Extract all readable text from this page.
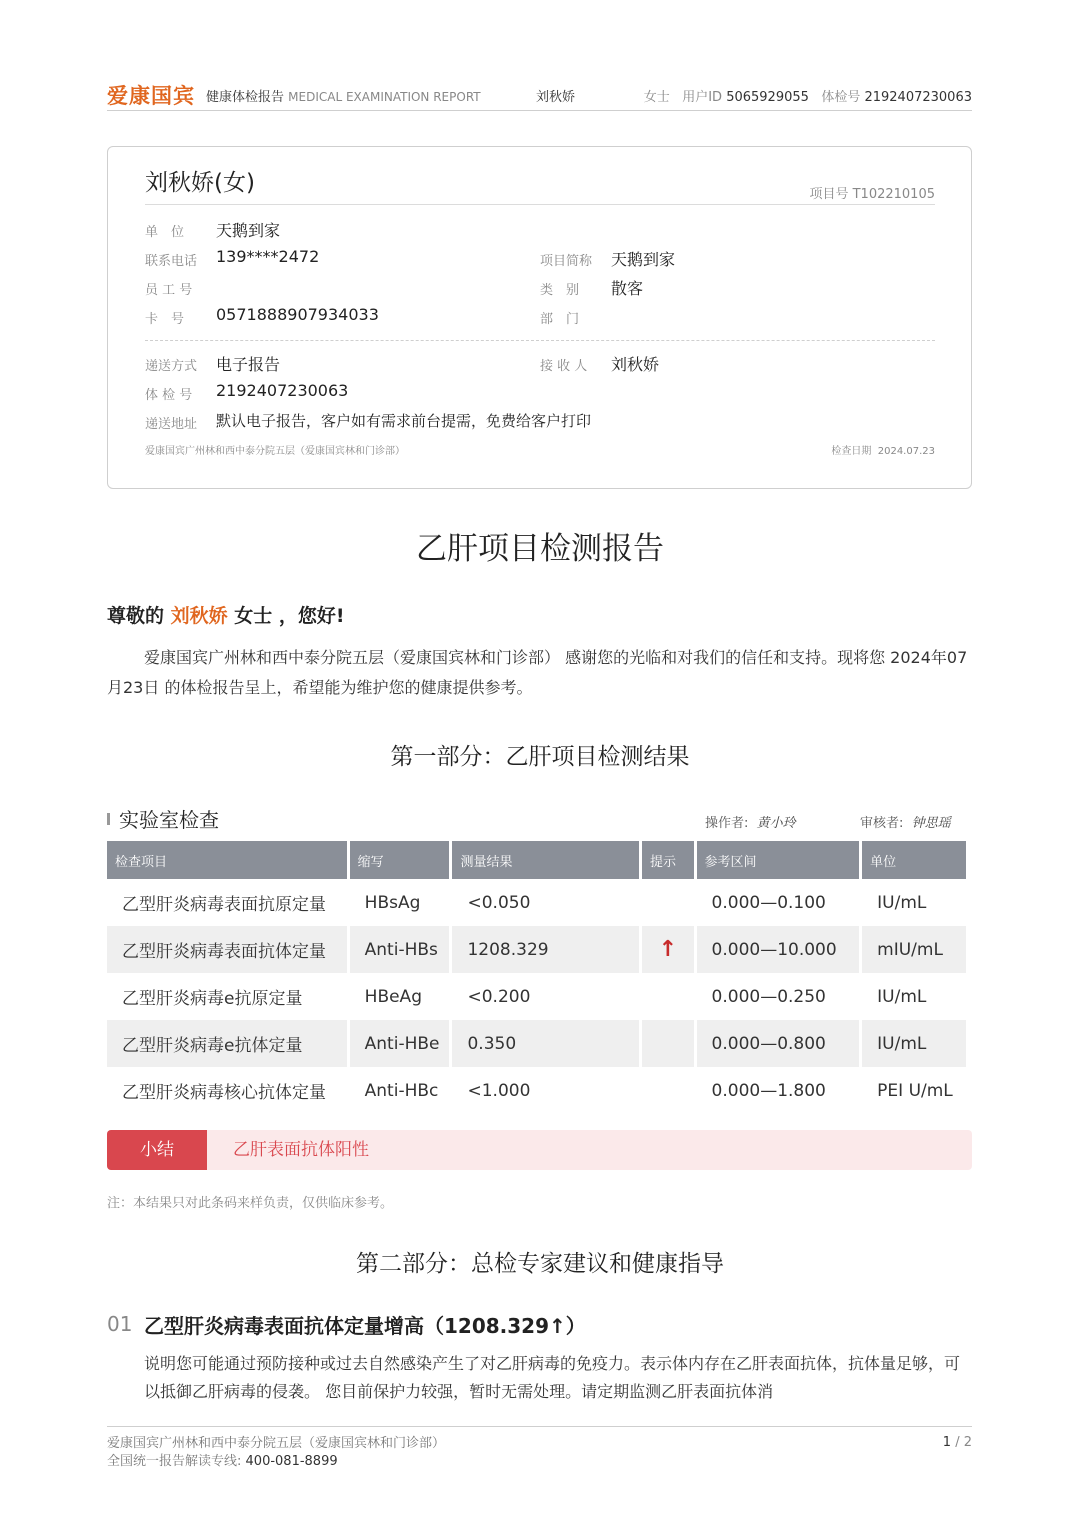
爱康国宾 健康体检报告 MEDICAL EXAMINATION REPORT	刘秋娇	女士 用户ID 5065929055 体检号 2192407230063
刘秋娇(女)	项目号 T102210105
单　位 天鹅到家
联系电话 139****2472	项目简称 天鹅到家
员 工 号	类　别 散客
卡　号 0571888907934033	部　门
递送方式 电子报告	接 收 人 刘秋娇
体 检 号 2192407230063
递送地址 默认电子报告，客户如有需求前台提需，免费给客户打印
爱康国宾广州林和西中泰分院五层（爱康国宾林和门诊部）	检查日期 2024.07.23
乙肝项目检测报告
尊敬的 刘秋娇 女士 ，您好!
爱康国宾广州林和西中泰分院五层（爱康国宾林和门诊部） 感谢您的光临和对我们的信任和支持。现将您 2024年07月23日 的体检报告呈上，希望能为维护您的健康提供参考。
第一部分：乙肝项目检测结果
实验室检查	操作者: 黄小玲	审核者: 钟思瑶
检查项目	缩写	测量结果	提示	参考区间	单位
乙型肝炎病毒表面抗原定量	HBsAg	<0.050		0.000—0.100	IU/mL
乙型肝炎病毒表面抗体定量	Anti-HBs	1208.329	↑	0.000—10.000	mIU/mL
乙型肝炎病毒e抗原定量	HBeAg	<0.200		0.000—0.250	IU/mL
乙型肝炎病毒e抗体定量	Anti-HBe	0.350		0.000—0.800	IU/mL
乙型肝炎病毒核心抗体定量	Anti-HBc	<1.000		0.000—1.800	PEI U/mL
小结	乙肝表面抗体阳性
注：本结果只对此条码来样负责，仅供临床参考。
第二部分：总检专家建议和健康指导
01 乙型肝炎病毒表面抗体定量增高（1208.329↑）
说明您可能通过预防接种或过去自然感染产生了对乙肝病毒的免疫力。表示体内存在乙肝表面抗体，抗体量足够，可以抵御乙肝病毒的侵袭。 您目前保护力较强，暂时无需处理。请定期监测乙肝表面抗体消
爱康国宾广州林和西中泰分院五层（爱康国宾林和门诊部）
全国统一报告解读专线: 400-081-8899
1 / 2
